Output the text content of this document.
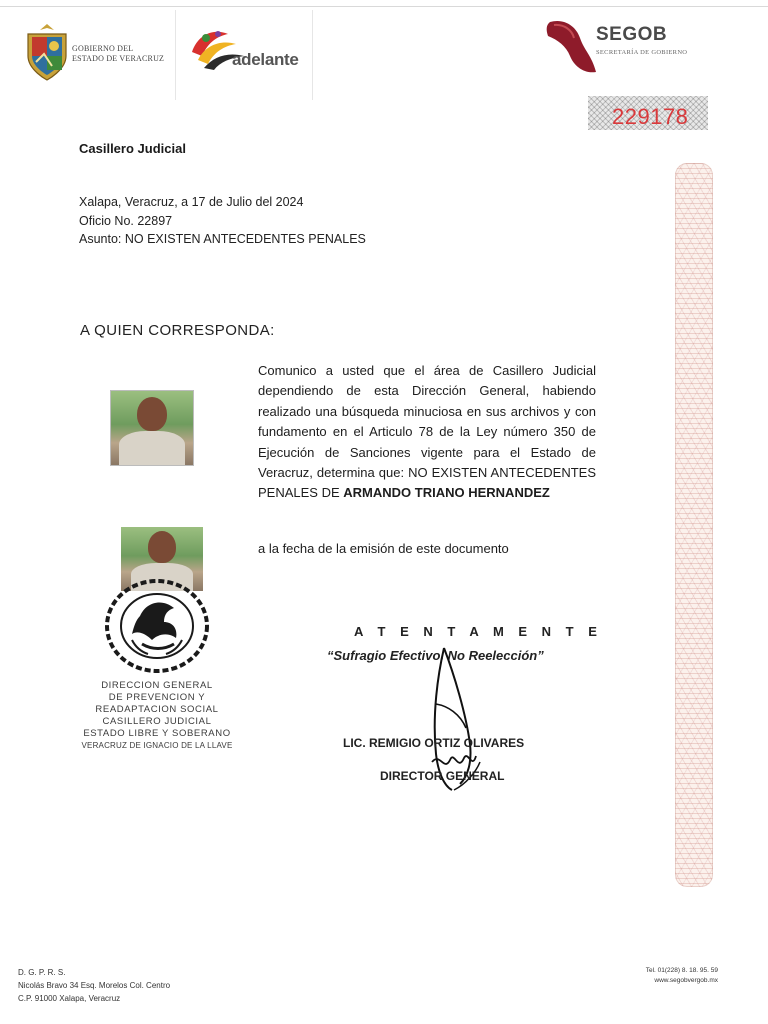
GOBIERNO DEL
ESTADO DE VERACRUZ	adelante
SEGOB
SECRETARÍA DE GOBIERNO
229178
Casillero Judicial
Xalapa, Veracruz, a 17 de Julio del 2024
Oficio No. 22897
Asunto: NO EXISTEN ANTECEDENTES PENALES
A QUIEN CORRESPONDA:
Comunico a usted que el área de Casillero Judicial dependiendo de esta Dirección General, habiendo realizado una búsqueda minuciosa en sus archivos y con fundamento en el Articulo 78 de la Ley número 350 de Ejecución de Sanciones vigente para el Estado de Veracruz, determina que: NO EXISTEN ANTECEDENTES PENALES DE ARMANDO TRIANO HERNANDEZ
a la fecha de la emisión de este documento
DIRECCION GENERAL
DE PREVENCION Y
READAPTACION SOCIAL
CASILLERO JUDICIAL
ESTADO LIBRE Y SOBERANO
VERACRUZ DE IGNACIO DE LA LLAVE
A T E N T A M E N T E
“Sufragio Efectivo. No Reelección”
LIC. REMIGIO ORTIZ OLIVARES
DIRECTOR GENERAL
D. G. P. R. S.
Nicolás Bravo 34 Esq. Morelos Col. Centro
C.P. 91000 Xalapa, Veracruz
Tel. 01(228) 8. 18. 95. 59
www.segobvergob.mx
